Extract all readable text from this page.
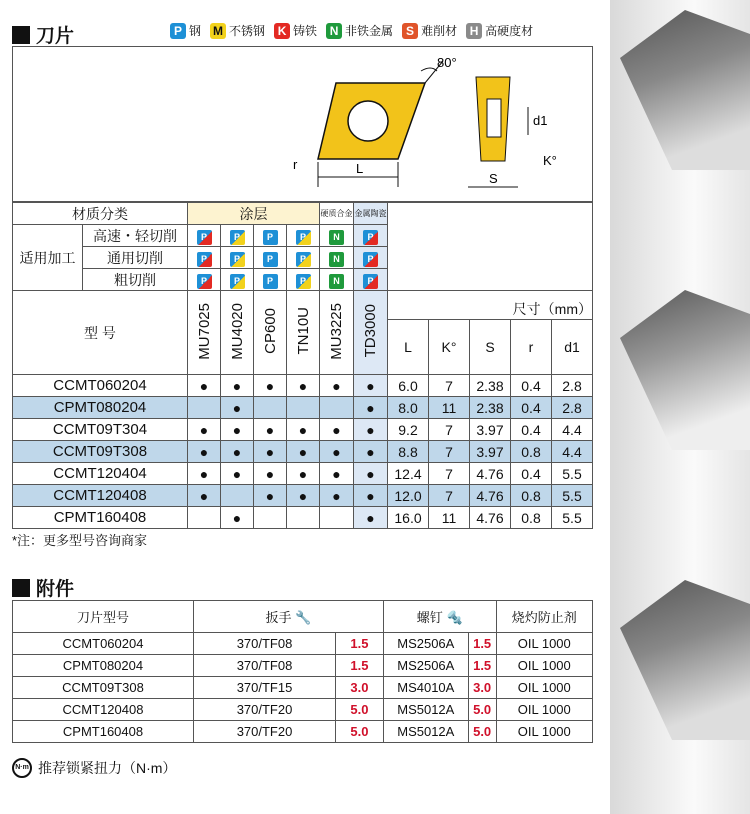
刀片	P 钢 M 不锈钢	K 铸铁	N 非铁金属	S 难削材	H 高硬度材
80°
L
r
S
d1
K°
材质分类		涂层				硬质合金	金属陶瓷					
适用加工	高速・轻切削	P	P	P	P	N	P					
	通用切削	P	P	P	P	N	P					
	粗切削	P	P	P	P	N	P					
型 号		MU7025	MU4020	CP600	TN10U	MU3225	TD3000	尺寸（mm）				
								L	K°	S	r	d1
CCMT060204		●	●	●	●	●	●	6.0	7	2.38	0.4	2.8
CPMT080204			●				●	8.0	11	2.38	0.4	2.8
CCMT09T304		●	●	●	●	●	●	9.2	7	3.97	0.4	4.4
CCMT09T308		●	●	●	●	●	●	8.8	7	3.97	0.8	4.4
CCMT120404		●	●	●	●	●	●	12.4	7	4.76	0.4	5.5
CCMT120408		●		●	●	●	●	12.0	7	4.76	0.8	5.5
CPMT160408			●				●	16.0	11	4.76	0.8	5.5
*注：更多型号咨询商家
附件
刀片型号	扳手 🔧		螺钉 🔩		烧灼防止剂
CCMT060204	370/TF08	1.5	MS2506A	1.5	OIL 1000
CPMT080204	370/TF08	1.5	MS2506A	1.5	OIL 1000
CCMT09T308	370/TF15	3.0	MS4010A	3.0	OIL 1000
CCMT120408	370/TF20	5.0	MS5012A	5.0	OIL 1000
CPMT160408	370/TF20	5.0	MS5012A	5.0	OIL 1000
N·m 推荐锁紧扭力（N·m）
